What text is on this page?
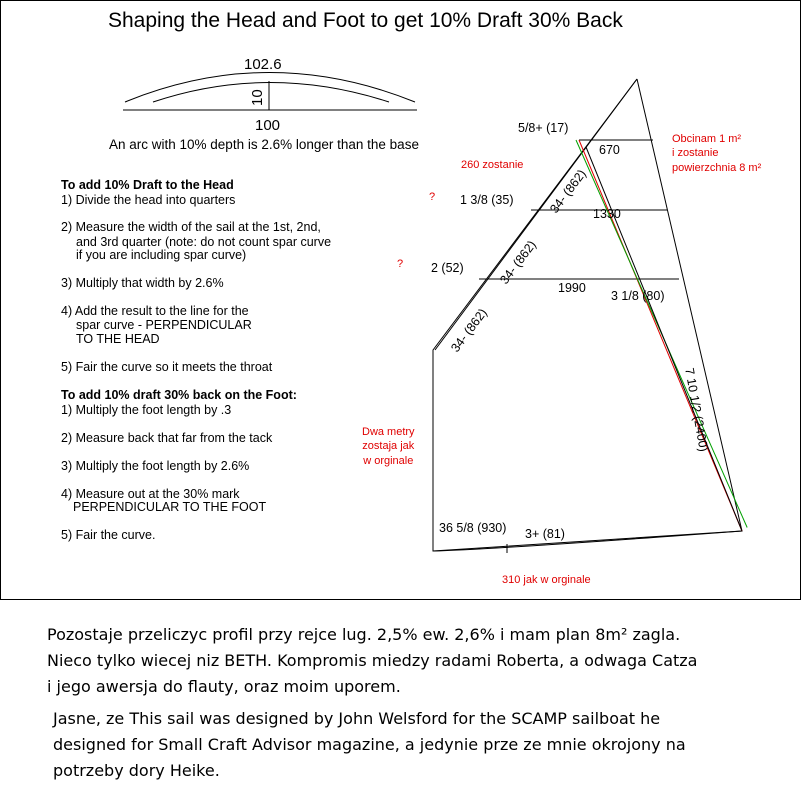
Shaping the Head and Foot to get 10% Draft 30% Back
102.6
10
100
An arc with 10% depth is 2.6% longer than the base
To add 10% Draft to the Head
1) Divide the head into quarters
2) Measure the width of the sail at the 1st, 2nd,
and 3rd quarter (note: do not count spar curve
if you are including spar curve)
3) Multiply that width by 2.6%
4) Add the result to the line for the
spar curve - PERPENDICULAR
TO THE HEAD
5) Fair the curve so it meets the throat
To add 10% draft 30% back on the Foot:
1) Multiply the foot length by .3
2) Measure back that far from the tack
3) Multiply the foot length by 2.6%
4) Measure out at the 30% mark
PERPENDICULAR TO THE FOOT
5) Fair the curve.
5/8+ (17)
670
1 3/8 (35)
1330
2 (52)
1990
3 1/8 (80)
34- (862)
34- (862)
34- (862)
7 10 1/2 (2400)
36 5/8 (930) 3+ (81)
?
?
Obcinam 1 m²
i zostanie
powierzchnia 8 m²
260 zostanie
Dwa metry
zostaja jak
w orginale
310 jak w orginale
Pozostaje przeliczyc profil przy rejce lug. 2,5% ew. 2,6% i mam plan 8m² zagla.
Nieco tylko wiecej niz BETH. Kompromis miedzy radami Roberta, a odwaga Catza
i jego awersja do flauty, oraz moim uporem.
Jasne, ze This sail was designed by John Welsford for the SCAMP sailboat he
designed for Small Craft Advisor magazine, a jedynie prze ze mnie okrojony na
potrzeby dory Heike.
